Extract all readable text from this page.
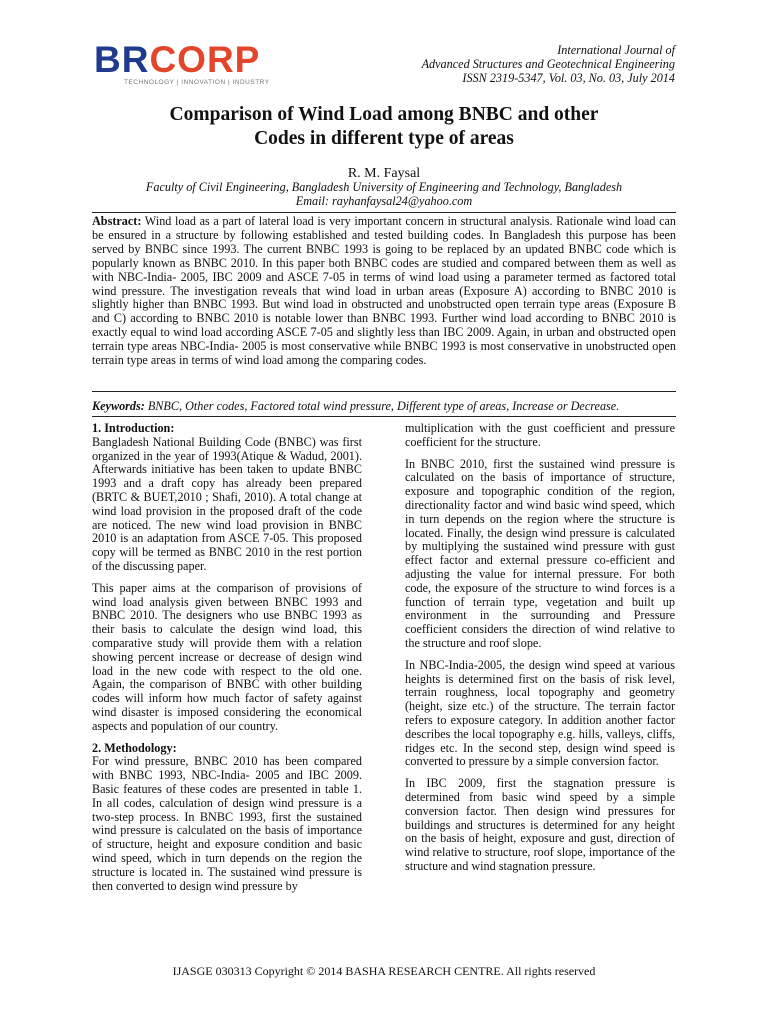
BRCORP
TECHNOLOGY | INNOVATION | INDUSTRY
International Journal of
Advanced Structures and Geotechnical Engineering
ISSN 2319-5347, Vol. 03, No. 03, July 2014
Comparison of Wind Load among BNBC and other
Codes in different type of areas
R. M. Faysal
Faculty of Civil Engineering, Bangladesh University of Engineering and Technology, Bangladesh
Email: rayhanfaysal24@yahoo.com
Abstract: Wind load as a part of lateral load is very important concern in structural analysis. Rationale wind load can be ensured in a structure by following established and tested building codes. In Bangladesh this purpose has been served by BNBC since 1993. The current BNBC 1993 is going to be replaced by an updated BNBC code which is popularly known as BNBC 2010. In this paper both BNBC codes are studied and compared between them as well as with NBC-India- 2005, IBC 2009 and ASCE 7-05 in terms of wind load using a parameter termed as factored total wind pressure. The investigation reveals that wind load in urban areas (Exposure A) according to BNBC 2010 is slightly higher than BNBC 1993. But wind load in obstructed and unobstructed open terrain type areas (Exposure B and C) according to BNBC 2010 is notable lower than BNBC 1993. Further wind load according to BNBC 2010 is exactly equal to wind load according ASCE 7-05 and slightly less than IBC 2009. Again, in urban and obstructed open terrain type areas NBC-India- 2005 is most conservative while BNBC 1993 is most conservative in unobstructed open terrain type areas in terms of wind load among the comparing codes.
Keywords: BNBC, Other codes, Factored total wind pressure, Different type of areas, Increase or Decrease.
1. Introduction:

Bangladesh National Building Code (BNBC) was first organized in the year of 1993(Atique & Wadud, 2001). Afterwards initiative has been taken to update BNBC 1993 and a draft copy has already been prepared (BRTC & BUET,2010 ; Shafi, 2010). A total change at wind load provision in the proposed draft of the code are noticed. The new wind load provision in BNBC 2010 is an adaptation from ASCE 7-05. This proposed copy will be termed as BNBC 2010 in the rest portion of the discussing paper.

This paper aims at the comparison of provisions of wind load analysis given between BNBC 1993 and BNBC 2010. The designers who use BNBC 1993 as their basis to calculate the design wind load, this comparative study will provide them with a relation showing percent increase or decrease of design wind load in the new code with respect to the old one. Again, the comparison of BNBC with other building codes will inform how much factor of safety against wind disaster is imposed considering the economical aspects and population of our country.

2. Methodology:

For wind pressure, BNBC 2010 has been compared with BNBC 1993, NBC-India- 2005 and IBC 2009. Basic features of these codes are presented in table 1. In all codes, calculation of design wind pressure is a two-step process. In BNBC 1993, first the sustained wind pressure is calculated on the basis of importance of structure, height and exposure condition and basic wind speed, which in turn depends on the region the structure is located in. The sustained wind pressure is then converted to design wind pressure by

multiplication with the gust coefficient and pressure coefficient for the structure.

In BNBC 2010, first the sustained wind pressure is calculated on the basis of importance of structure, exposure and topographic condition of the region, directionality factor and wind basic wind speed, which in turn depends on the region where the structure is located. Finally, the design wind pressure is calculated by multiplying the sustained wind pressure with gust effect factor and external pressure co-efficient and adjusting the value for internal pressure. For both code, the exposure of the structure to wind forces is a function of terrain type, vegetation and built up environment in the surrounding and Pressure coefficient considers the direction of wind relative to the structure and roof slope.

In NBC-India-2005, the design wind speed at various heights is determined first on the basis of risk level, terrain roughness, local topography and geometry (height, size etc.) of the structure. The terrain factor refers to exposure category. In addition another factor describes the local topography e.g. hills, valleys, cliffs, ridges etc. In the second step, design wind speed is converted to pressure by a simple conversion factor.

In IBC 2009, first the stagnation pressure is determined from basic wind speed by a simple conversion factor. Then design wind pressures for buildings and structures is determined for any height on the basis of height, exposure and gust, direction of wind relative to structure, roof slope, importance of the structure and wind stagnation pressure.

IJASGE 030313 Copyright © 2014 BASHA RESEARCH CENTRE. All rights reserved
